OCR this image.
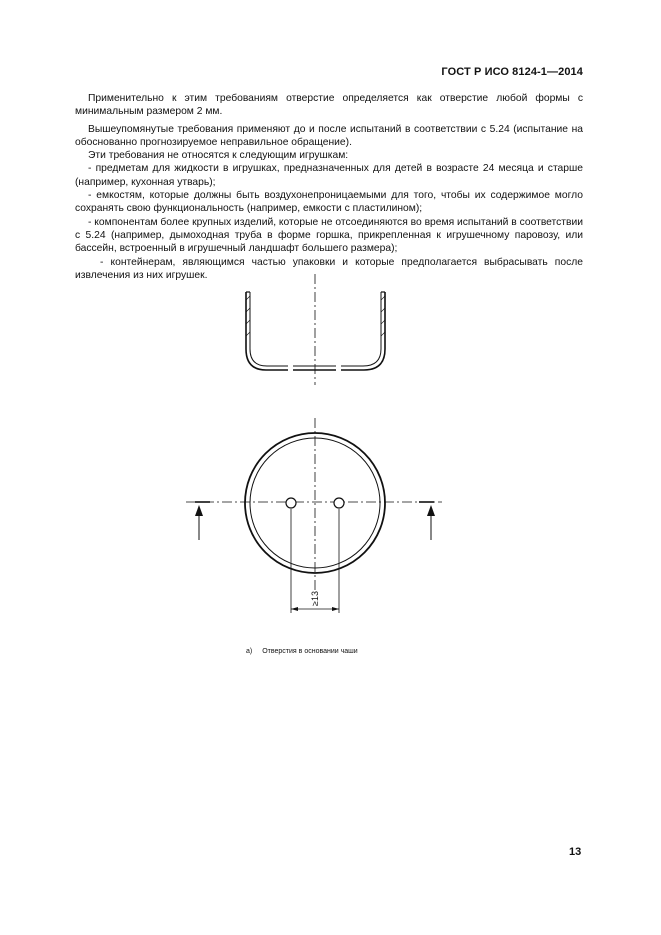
ГОСТ Р ИСО 8124-1—2014

Применительно к этим требованиям отверстие определяется как отверстие любой формы с минимальным размером 2 мм.

Вышеупомянутые требования применяют до и после испытаний в соответствии с 5.24 (испытание на обоснованно прогнозируемое неправильное обращение).

Эти требования не относятся к следующим игрушкам:

- предметам для жидкости в игрушках, предназначенных для детей в возрасте 24 месяца и старше (например, кухонная утварь);

- емкостям, которые должны быть воздухонепроницаемыми для того, чтобы их содержимое могло сохранять свою функциональность (например, емкости с пластилином);

- компонентам более крупных изделий, которые не отсоединяются во время испытаний в соответствии с 5.24 (например, дымоходная труба в форме горшка, прикрепленная к игрушечному паровозу, или бассейн, встроенный в игрушечный ландшафт большего размера);

- контейнерам, являющимся частью упаковки и которые предполагается выбрасывать после извлечения из них игрушек.

≥13
a) Отверстия в основании чаши
13
